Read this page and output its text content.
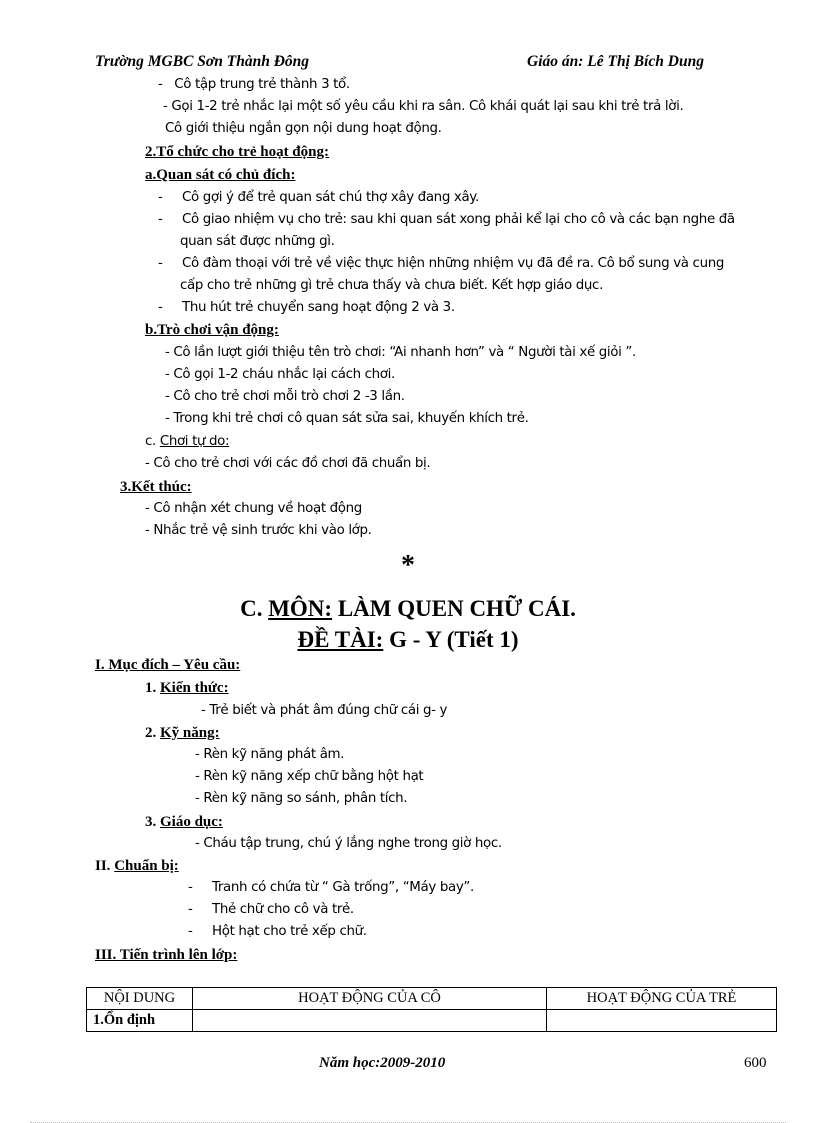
Trường MGBC Sơn Thành Đông	Giáo án: Lê Thị Bích Dung
-   Cô tập trung trẻ thành 3 tổ.
- Gọi 1-2 trẻ nhắc lại một số yêu cầu khi ra sân. Cô khái quát lại sau khi trẻ trả lời.
Cô giới thiệu ngắn gọn nội dung hoạt động.
2.Tổ chức cho trẻ hoạt động:
a.Quan sát có chủ đích:
-     Cô gợi ý để trẻ quan sát chú thợ xây đang xây.
-     Cô giao nhiệm vụ cho trẻ: sau khi quan sát xong phải kể lại cho cô và các bạn nghe đã
quan sát được những gì.
-     Cô đàm thoại với trẻ về việc thực hiện những nhiệm vụ đã đề ra. Cô bổ sung và cung
cấp cho trẻ những gì trẻ chưa thấy và chưa biết. Kết hợp giáo dục.
-     Thu hút trẻ chuyển sang hoạt động 2 và 3.
b.Trò chơi vận động:
- Cô lần lượt giới thiệu tên trò chơi: “Ai nhanh hơn” và “ Người tài xế giỏi ”.
- Cô gọi 1-2 cháu nhắc lại cách chơi.
- Cô cho trẻ chơi mỗi trò chơi 2 -3 lần.
- Trong khi trẻ chơi cô quan sát sửa sai, khuyến khích trẻ.
c. Chơi tự do:
- Cô cho trẻ chơi với các đồ chơi đã chuẩn bị.
3.Kết thúc:
- Cô nhận xét chung về hoạt động
- Nhắc trẻ vệ sinh trước khi vào lớp.
*
C. MÔN: LÀM QUEN CHỮ CÁI.
ĐỀ TÀI: G - Y (Tiết 1)
I. Mục đích – Yêu cầu:
1. Kiến thức:
- Trẻ biết và phát âm đúng chữ cái g- y
2. Kỹ năng:
- Rèn kỹ năng phát âm.
- Rèn kỹ năng xếp chữ bằng hột hạt
- Rèn kỹ năng so sánh, phân tích.
3. Giáo dục:
- Cháu tập trung, chú ý lắng nghe trong giờ học.
II. Chuẩn bị:
-     Tranh có chứa từ “ Gà trống”, “Máy bay”.
-     Thẻ chữ cho cô và trẻ.
-     Hột hạt cho trẻ xếp chữ.
III. Tiến trình lên lớp:
NỘI DUNG	HOẠT ĐỘNG CỦA CÔ	HOẠT ĐỘNG CỦA TRẺ
1.Ổn định		
Năm học:2009-2010	600
